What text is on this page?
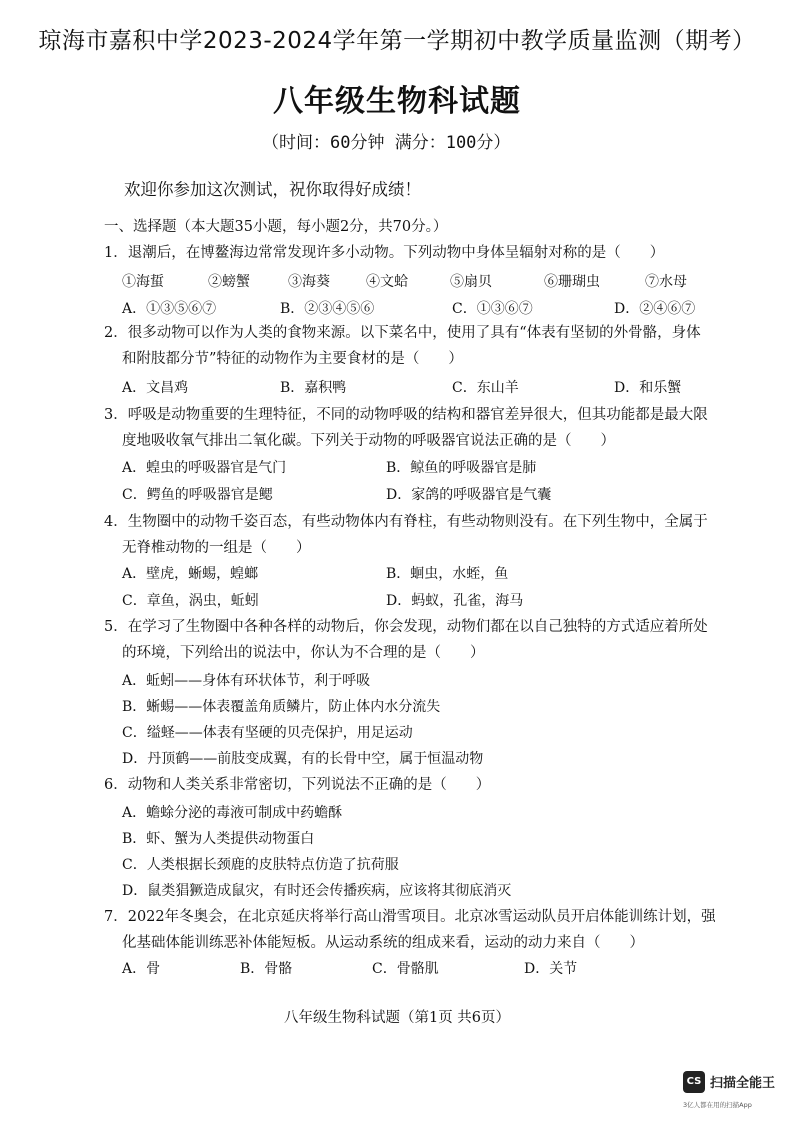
琼海市嘉积中学2023-2024学年第一学期初中教学质量监测（期考）
八年级生物科试题
（时间：60分钟 满分：100分）
欢迎你参加这次测试，祝你取得好成绩！
一、选择题（本大题35小题，每小题2分，共70分。）
1．退潮后，在博鳌海边常常发现许多小动物。下列动物中身体呈辐射对称的是（　　）
①海蜇	②螃蟹	③海葵	④文蛤	⑤扇贝	⑥珊瑚虫	⑦水母
A．①③⑤⑥⑦	B．②③④⑤⑥	C．①③⑥⑦	D．②④⑥⑦
2．很多动物可以作为人类的食物来源。以下菜名中，使用了具有“体表有坚韧的外骨骼，身体
和附肢都分节”特征的动物作为主要食材的是（　　）
A．文昌鸡	B．嘉积鸭	C．东山羊	D．和乐蟹
3．呼吸是动物重要的生理特征，不同的动物呼吸的结构和器官差异很大，但其功能都是最大限
度地吸收氧气排出二氧化碳。下列关于动物的呼吸器官说法正确的是（　　）
A．蝗虫的呼吸器官是气门	B．鲸鱼的呼吸器官是肺
C．鳄鱼的呼吸器官是鳃	D．家鸽的呼吸器官是气囊
4．生物圈中的动物千姿百态，有些动物体内有脊柱，有些动物则没有。在下列生物中，全属于
无脊椎动物的一组是（　　）
A．壁虎，蜥蜴，蝗螂	B．蛔虫，水蛭，鱼
C．章鱼，涡虫，蚯蚓	D．蚂蚁，孔雀，海马
5．在学习了生物圈中各种各样的动物后，你会发现，动物们都在以自己独特的方式适应着所处
的环境，下列给出的说法中，你认为不合理的是（　　）
A．蚯蚓——身体有环状体节，利于呼吸
B．蜥蜴——体表覆盖角质鳞片，防止体内水分流失
C．缢蛏——体表有坚硬的贝壳保护，用足运动
D．丹顶鹤——前肢变成翼，有的长骨中空，属于恒温动物
6．动物和人类关系非常密切，下列说法不正确的是（　　）
A．蟾蜍分泌的毒液可制成中药蟾酥
B．虾、蟹为人类提供动物蛋白
C．人类根据长颈鹿的皮肤特点仿造了抗荷服
D．鼠类猖獗造成鼠灾，有时还会传播疾病，应该将其彻底消灭
7．2022年冬奥会，在北京延庆将举行高山滑雪项目。北京冰雪运动队员开启体能训练计划，强
化基础体能训练恶补体能短板。从运动系统的组成来看，运动的动力来自（　　）
A．骨	B．骨骼	C．骨骼肌	D．关节
八年级生物科试题（第1页 共6页）
CS 扫描全能王
3亿人都在用的扫描App
